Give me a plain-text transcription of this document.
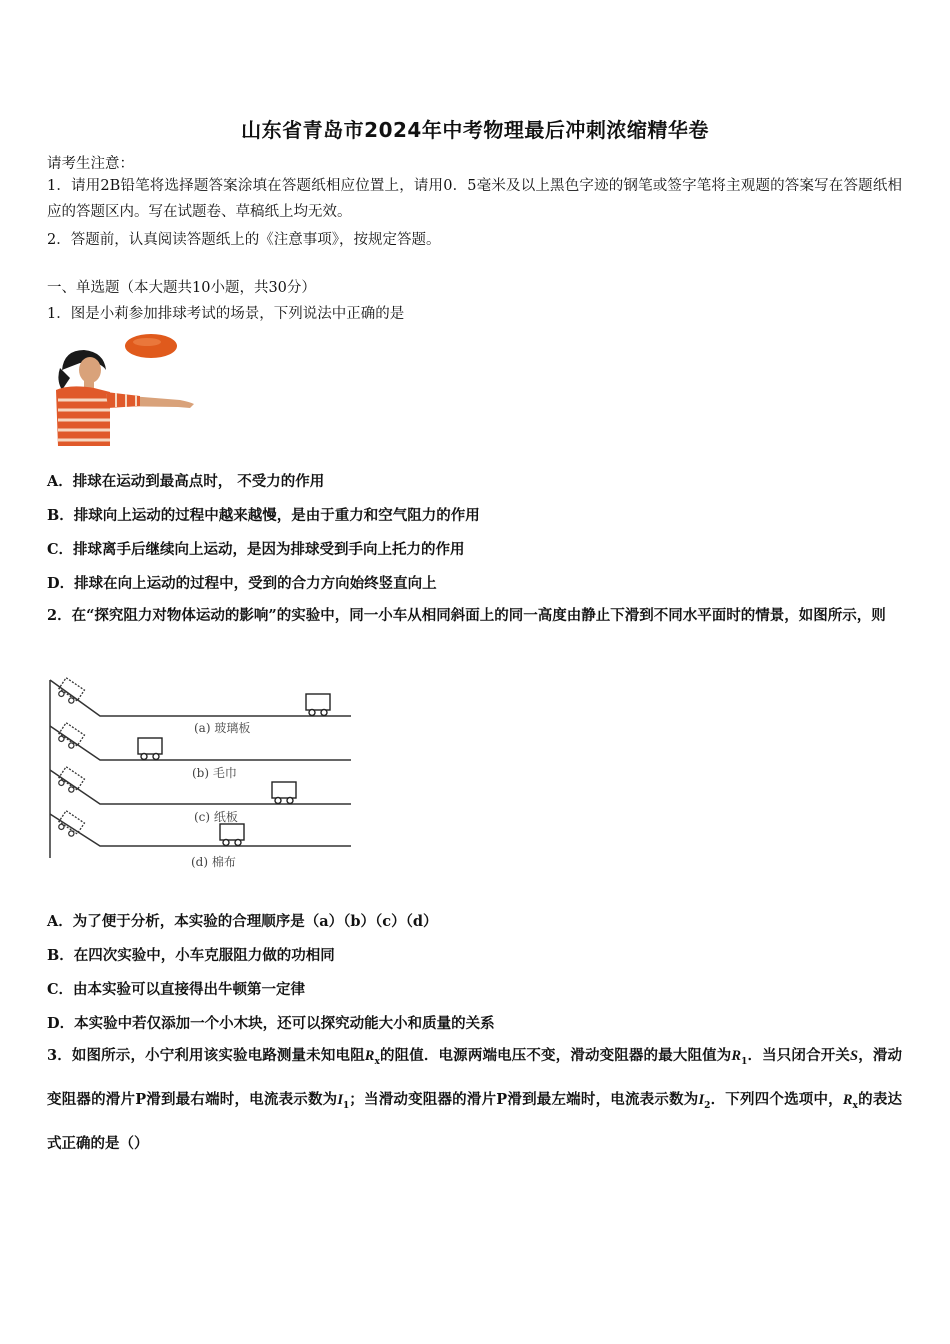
山东省青岛市2024年中考物理最后冲刺浓缩精华卷
请考生注意：
1．请用2B铅笔将选择题答案涂填在答题纸相应位置上，请用0．5毫米及以上黑色字迹的钢笔或签字笔将主观题的答案写在答题纸相应的答题区内。写在试题卷、草稿纸上均无效。
2．答题前，认真阅读答题纸上的《注意事项》，按规定答题。
一、单选题（本大题共10小题，共30分）
1．图是小莉参加排球考试的场景，下列说法中正确的是
A．排球在运动到最高点时， 不受力的作用
B．排球向上运动的过程中越来越慢，是由于重力和空气阻力的作用
C．排球离手后继续向上运动，是因为排球受到手向上托力的作用
D．排球在向上运动的过程中，受到的合力方向始终竖直向上
2．在“探究阻力对物体运动的影响”的实验中，同一小车从相同斜面上的同一高度由静止下滑到不同水平面时的情景，如图所示，则
(a) 玻璃板
(b) 毛巾
(c) 纸板
(d) 棉布
A．为了便于分析，本实验的合理顺序是（a）（b）（c）（d）
B．在四次实验中，小车克服阻力做的功相同
C．由本实验可以直接得出牛顿第一定律
D．本实验中若仅添加一个小木块，还可以探究动能大小和质量的关系
3．如图所示，小宁利用该实验电路测量未知电阻$R_x$的阻值．电源两端电压不变，滑动变阻器的最大阻值为$R_1$．当只闭合开关S，滑动变阻器的滑片P滑到最右端时，电流表示数为$I_1$；当滑动变阻器的滑片P滑到最左端时，电流表示数为$I_2$．下列四个选项中，$R_x$的表达式正确的是（）
